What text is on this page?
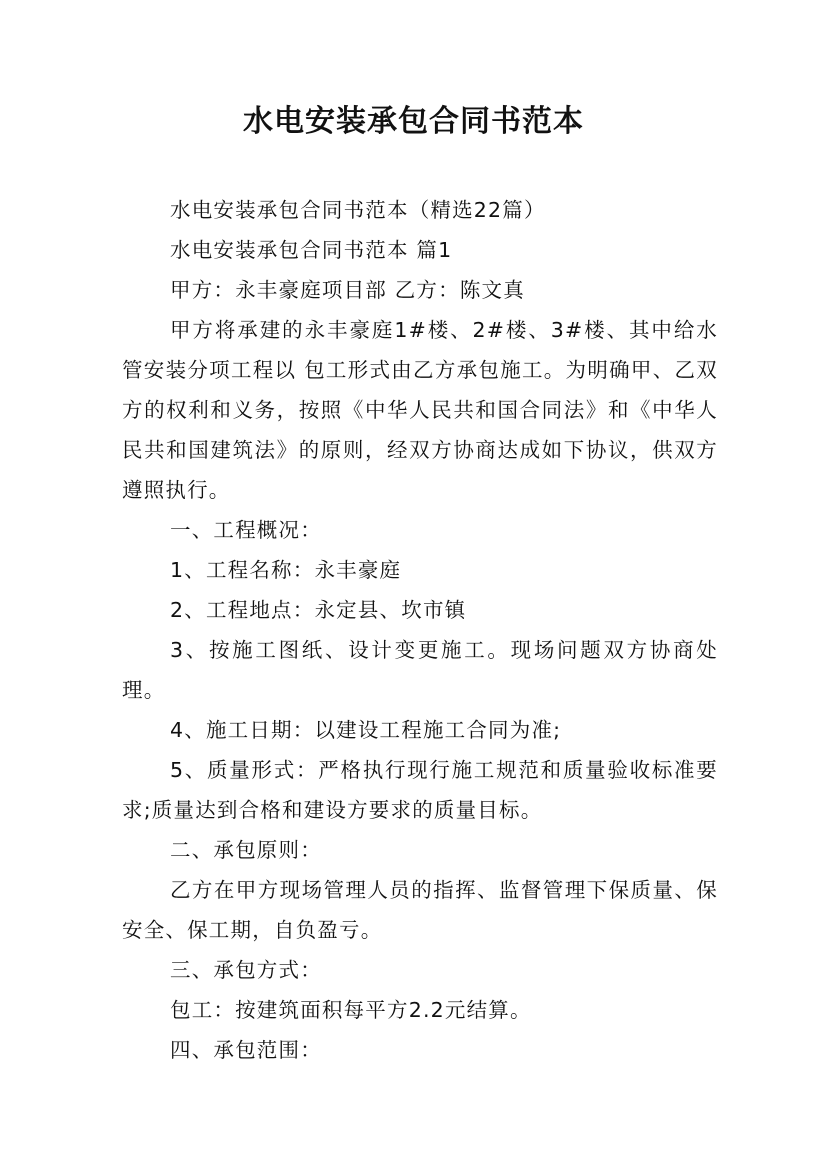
水电安装承包合同书范本

水电安装承包合同书范本（精选22篇）

水电安装承包合同书范本 篇1

甲方：永丰豪庭项目部 乙方：陈文真

甲方将承建的永丰豪庭1#楼、2#楼、3#楼、其中给水管安装分项工程以 包工形式由乙方承包施工。为明确甲、乙双方的权利和义务，按照《中华人民共和国合同法》和《中华人民共和国建筑法》的原则，经双方协商达成如下协议，供双方遵照执行。

一、工程概况：

1、工程名称：永丰豪庭

2、工程地点：永定县、坎市镇

3、按施工图纸、设计变更施工。现场问题双方协商处理。

4、施工日期：以建设工程施工合同为准;

5、质量形式：严格执行现行施工规范和质量验收标准要求;质量达到合格和建设方要求的质量目标。

二、承包原则：

乙方在甲方现场管理人员的指挥、监督管理下保质量、保安全、保工期，自负盈亏。

三、承包方式：

包工：按建筑面积每平方2.2元结算。

四、承包范围：
